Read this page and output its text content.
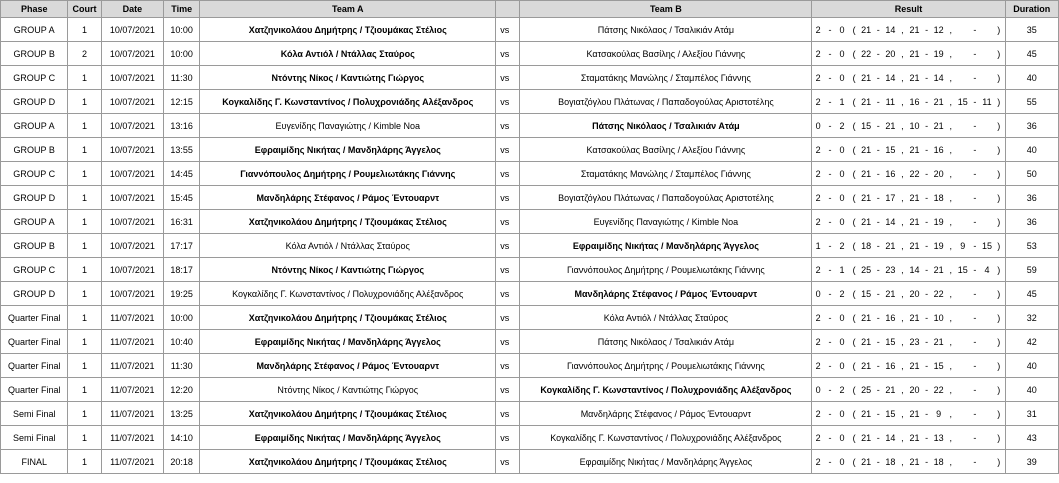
Phase	Court	Date	Time	Team A		Team B	Result																Duration
GROUP A	1	10/07/2021	10:00	Χατζηνικολάου Δημήτρης / Τζιουμάκας Στέλιος	vs	Πάτσης Νικόλαος / Τσαλικιάν Ατάμ	2	-	0	(	21	-	14	,	21	-	12	,		-		)	35
GROUP B	2	10/07/2021	10:00	Κόλα Αντιόλ / Ντάλλας Σταύρος	vs	Κατσακούλας Βασίλης / Αλεξίου Γιάννης	2	-	0	(	22	-	20	,	21	-	19	,		-		)	45
GROUP C	1	10/07/2021	11:30	Ντόντης Νίκος / Καντιώτης Γιώργος	vs	Σταματάκης Μανώλης / Σταμπέλος Γιάννης	2	-	0	(	21	-	14	,	21	-	14	,		-		)	40
GROUP D	1	10/07/2021	12:15	Κογκαλίδης Γ. Κωνσταντίνος / Πολυχρονιάδης Αλέξανδρος	vs	Βογιατζόγλου Πλάτωνας / Παπαδογούλας Αριστοτέλης	2	-	1	(	21	-	11	,	16	-	21	,	15	-	11	)	55
GROUP A	1	10/07/2021	13:16	Ευγενίδης Παναγιώτης / Kimble Noa	vs	Πάτσης Νικόλαος / Τσαλικιάν Ατάμ	0	-	2	(	15	-	21	,	10	-	21	,		-		)	36
GROUP B	1	10/07/2021	13:55	Εφραιμίδης Νικήτας / Μανδηλάρης Άγγελος	vs	Κατσακούλας Βασίλης / Αλεξίου Γιάννης	2	-	0	(	21	-	15	,	21	-	16	,		-		)	40
GROUP C	1	10/07/2021	14:45	Γιαννόπουλος Δημήτρης / Ρουμελιωτάκης Γιάννης	vs	Σταματάκης Μανώλης / Σταμπέλος Γιάννης	2	-	0	(	21	-	16	,	22	-	20	,		-		)	50
GROUP D	1	10/07/2021	15:45	Μανδηλάρης Στέφανος / Ράμος Έντουαρντ	vs	Βογιατζόγλου Πλάτωνας / Παπαδογούλας Αριστοτέλης	2	-	0	(	21	-	17	,	21	-	18	,		-		)	36
GROUP A	1	10/07/2021	16:31	Χατζηνικολάου Δημήτρης / Τζιουμάκας Στέλιος	vs	Ευγενίδης Παναγιώτης / Kimble Noa	2	-	0	(	21	-	14	,	21	-	19	,		-		)	36
GROUP B	1	10/07/2021	17:17	Κόλα Αντιόλ / Ντάλλας Σταύρος	vs	Εφραιμίδης Νικήτας / Μανδηλάρης Άγγελος	1	-	2	(	18	-	21	,	21	-	19	,	9	-	15	)	53
GROUP C	1	10/07/2021	18:17	Ντόντης Νίκος / Καντιώτης Γιώργος	vs	Γιαννόπουλος Δημήτρης / Ρουμελιωτάκης Γιάννης	2	-	1	(	25	-	23	,	14	-	21	,	15	-	4	)	59
GROUP D	1	10/07/2021	19:25	Κογκαλίδης Γ. Κωνσταντίνος / Πολυχρονιάδης Αλέξανδρος	vs	Μανδηλάρης Στέφανος / Ράμος Έντουαρντ	0	-	2	(	15	-	21	,	20	-	22	,		-		)	45
Quarter Final	1	11/07/2021	10:00	Χατζηνικολάου Δημήτρης / Τζιουμάκας Στέλιος	vs	Κόλα Αντιόλ / Ντάλλας Σταύρος	2	-	0	(	21	-	16	,	21	-	10	,		-		)	32
Quarter Final	1	11/07/2021	10:40	Εφραιμίδης Νικήτας / Μανδηλάρης Άγγελος	vs	Πάτσης Νικόλαος / Τσαλικιάν Ατάμ	2	-	0	(	21	-	15	,	23	-	21	,		-		)	42
Quarter Final	1	11/07/2021	11:30	Μανδηλάρης Στέφανος / Ράμος Έντουαρντ	vs	Γιαννόπουλος Δημήτρης / Ρουμελιωτάκης Γιάννης	2	-	0	(	21	-	16	,	21	-	15	,		-		)	40
Quarter Final	1	11/07/2021	12:20	Ντόντης Νίκος / Καντιώτης Γιώργος	vs	Κογκαλίδης Γ. Κωνσταντίνος / Πολυχρονιάδης Αλέξανδρος	0	-	2	(	25	-	21	,	20	-	22	,		-		)	40
Semi Final	1	11/07/2021	13:25	Χατζηνικολάου Δημήτρης / Τζιουμάκας Στέλιος	vs	Μανδηλάρης Στέφανος / Ράμος Έντουαρντ	2	-	0	(	21	-	15	,	21	-	9	,		-		)	31
Semi Final	1	11/07/2021	14:10	Εφραιμίδης Νικήτας / Μανδηλάρης Άγγελος	vs	Κογκαλίδης Γ. Κωνσταντίνος / Πολυχρονιάδης Αλέξανδρος	2	-	0	(	21	-	14	,	21	-	13	,		-		)	43
FINAL	1	11/07/2021	20:18	Χατζηνικολάου Δημήτρης / Τζιουμάκας Στέλιος	vs	Εφραιμίδης Νικήτας / Μανδηλάρης Άγγελος	2	-	0	(	21	-	18	,	21	-	18	,		-		)	39
